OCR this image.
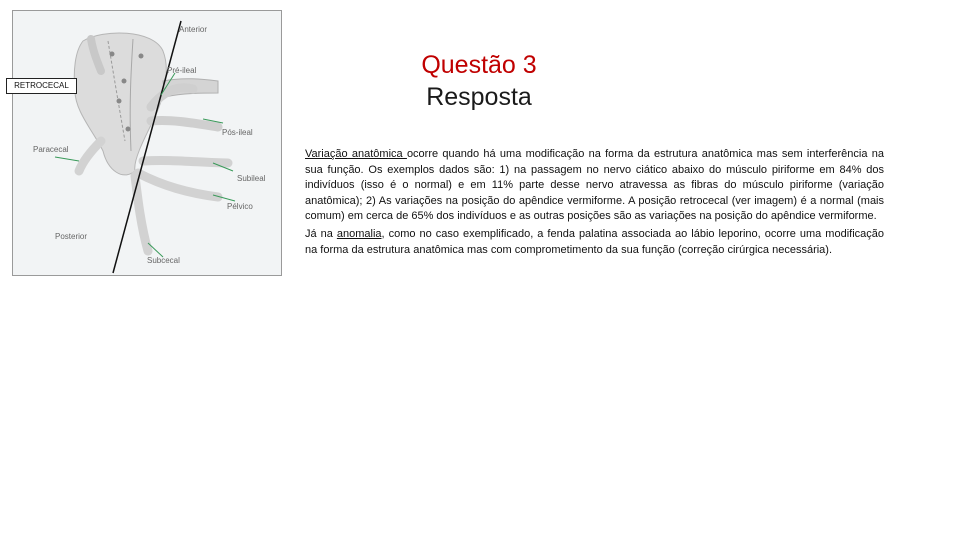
Anterior
Pré-ileal
Pós-ileal
Paracecal
Subileal
Pélvico
Posterior
Subcecal
RETROCECAL
Questão 3
Resposta

Variação anatômica ocorre quando há uma modificação na forma da estrutura anatômica mas sem interferência na sua função. Os exemplos dados são: 1) na passagem no nervo ciático abaixo do músculo piriforme em 84% dos indivíduos (isso é o normal) e em 11% parte desse nervo atravessa as fibras do músculo piriforme (variação anatômica); 2) As variações na posição do apêndice vermiforme. A posição retrocecal (ver imagem) é a normal (mais comum) em cerca de 65% dos indivíduos e as outras posições são as variações na posição do apêndice vermiforme.

Já na anomalia, como no caso exemplificado, a fenda palatina associada ao lábio leporino, ocorre uma modificação na forma da estrutura anatômica mas com comprometimento da sua função (correção cirúrgica necessária).
